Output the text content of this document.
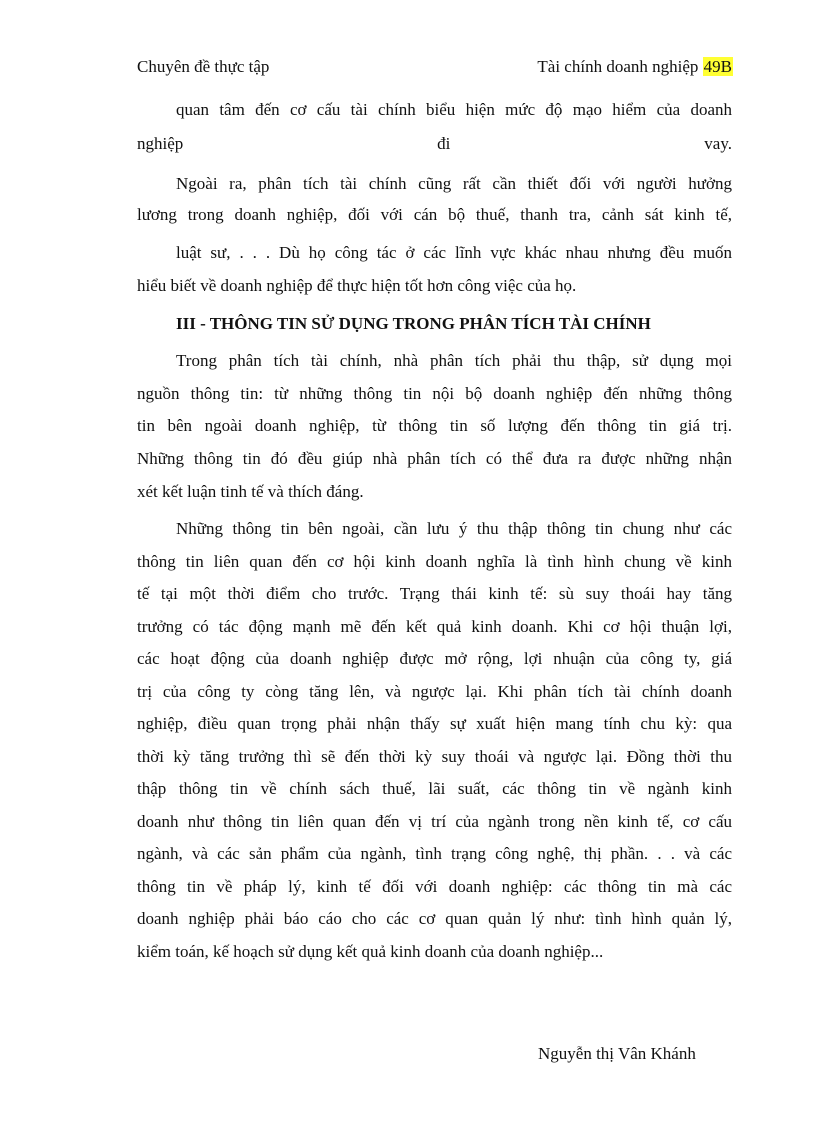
Chuyên đề thực tập	Tài chính doanh nghiệp 49B
quan tâm đến cơ cấu tài chính biểu hiện mức độ mạo hiểm của doanh
nghiệp đi vay.
Ngoài ra, phân tích tài chính cũng rất cần thiết đối với người hưởng
lương trong doanh nghiệp, đối với cán bộ thuế, thanh tra, cảnh sát kinh tế,
luật sư, . . . Dù họ công tác ở các lĩnh vực khác nhau nhưng đều muốn
hiểu biết về doanh nghiệp để thực hiện tốt hơn công việc của họ.
III - THÔNG TIN SỬ DỤNG TRONG PHÂN TÍCH TÀI CHÍNH
Trong phân tích tài chính, nhà phân tích phải thu thập, sử dụng mọi
nguồn thông tin: từ những thông tin nội bộ doanh nghiệp đến những thông
tin bên ngoài doanh nghiệp, từ thông tin số lượng đến thông tin giá trị.
Những thông tin đó đều giúp nhà phân tích có thể đưa ra được những nhận
xét kết luận tinh tế và thích đáng.
Những thông tin bên ngoài, cần lưu ý thu thập thông tin chung như các
thông tin liên quan đến cơ hội kinh doanh nghĩa là tình hình chung về kinh
tế tại một thời điểm cho trước. Trạng thái kinh tế: sù suy thoái hay tăng
trưởng có tác động mạnh mẽ đến kết quả kinh doanh. Khi cơ hội thuận lợi,
các hoạt động của doanh nghiệp được mở rộng, lợi nhuận của công ty, giá
trị của công ty còng tăng lên, và ngược lại. Khi phân tích tài chính doanh
nghiệp, điều quan trọng phải nhận thấy sự xuất hiện mang tính chu kỳ: qua
thời kỳ tăng trưởng thì sẽ đến thời kỳ suy thoái và ngược lại. Đồng thời thu
thập thông tin về chính sách thuế, lãi suất, các thông tin về ngành kinh
doanh như thông tin liên quan đến vị trí của ngành trong nền kinh tế, cơ cấu
ngành, và các sản phẩm của ngành, tình trạng công nghệ, thị phần. . . và các
thông tin về pháp lý, kinh tế đối với doanh nghiệp: các thông tin mà các
doanh nghiệp phải báo cáo cho các cơ quan quản lý như: tình hình quản lý,
kiểm toán, kế hoạch sử dụng kết quả kinh doanh của doanh nghiệp...
Nguyễn thị Vân Khánh
